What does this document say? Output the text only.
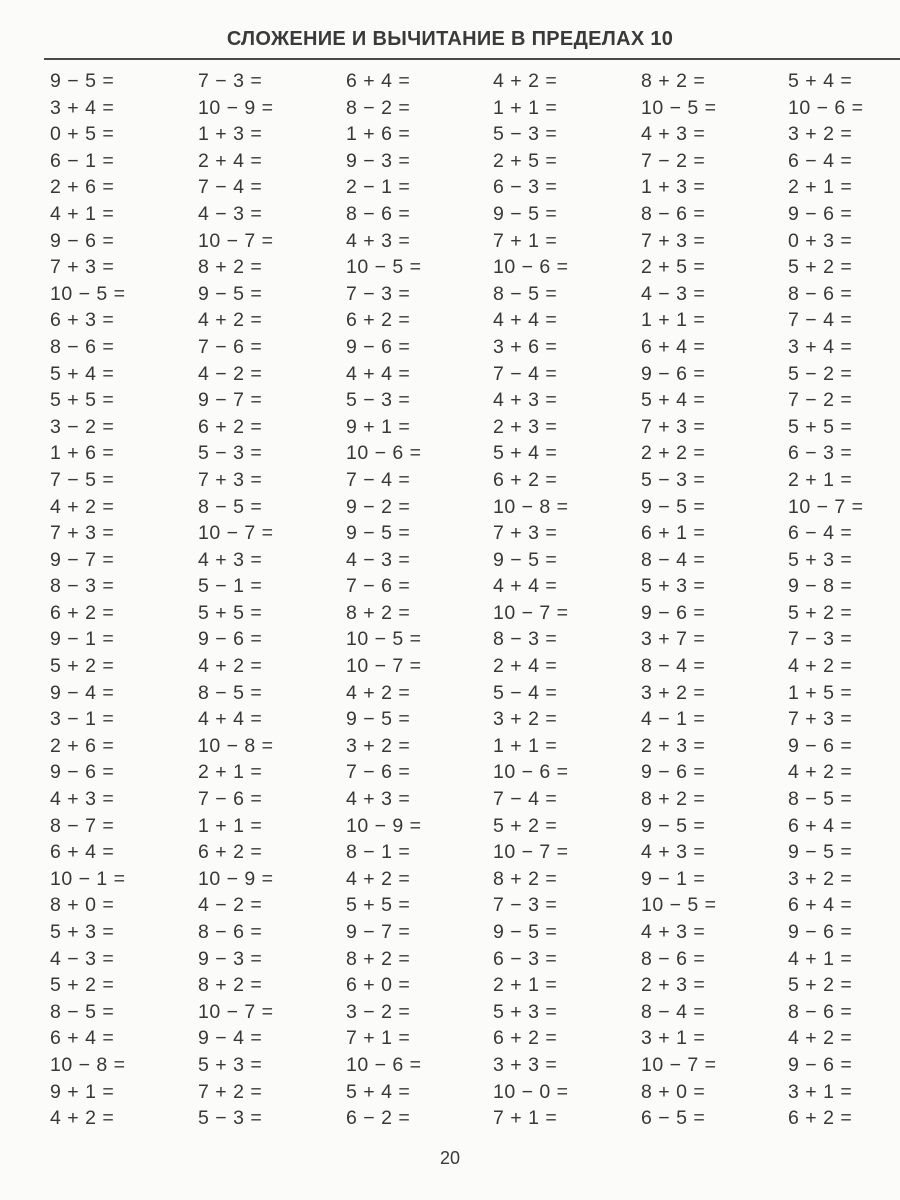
СЛОЖЕНИЕ И ВЫЧИТАНИЕ В ПРЕДЕЛАХ 10
9 − 5 =	7 − 3 =	6 + 4 =	4 + 2 =	8 + 2 =	5 + 4 =
3 + 4 =	10 − 9 =	8 − 2 =	1 + 1 =	10 − 5 =	10 − 6 =
0 + 5 =	1 + 3 =	1 + 6 =	5 − 3 =	4 + 3 =	3 + 2 =
6 − 1 =	2 + 4 =	9 − 3 =	2 + 5 =	7 − 2 =	6 − 4 =
2 + 6 =	7 − 4 =	2 − 1 =	6 − 3 =	1 + 3 =	2 + 1 =
4 + 1 =	4 − 3 =	8 − 6 =	9 − 5 =	8 − 6 =	9 − 6 =
9 − 6 =	10 − 7 =	4 + 3 =	7 + 1 =	7 + 3 =	0 + 3 =
7 + 3 =	8 + 2 =	10 − 5 =	10 − 6 =	2 + 5 =	5 + 2 =
10 − 5 =	9 − 5 =	7 − 3 =	8 − 5 =	4 − 3 =	8 − 6 =
6 + 3 =	4 + 2 =	6 + 2 =	4 + 4 =	1 + 1 =	7 − 4 =
8 − 6 =	7 − 6 =	9 − 6 =	3 + 6 =	6 + 4 =	3 + 4 =
5 + 4 =	4 − 2 =	4 + 4 =	7 − 4 =	9 − 6 =	5 − 2 =
5 + 5 =	9 − 7 =	5 − 3 =	4 + 3 =	5 + 4 =	7 − 2 =
3 − 2 =	6 + 2 =	9 + 1 =	2 + 3 =	7 + 3 =	5 + 5 =
1 + 6 =	5 − 3 =	10 − 6 =	5 + 4 =	2 + 2 =	6 − 3 =
7 − 5 =	7 + 3 =	7 − 4 =	6 + 2 =	5 − 3 =	2 + 1 =
4 + 2 =	8 − 5 =	9 − 2 =	10 − 8 =	9 − 5 =	10 − 7 =
7 + 3 =	10 − 7 =	9 − 5 =	7 + 3 =	6 + 1 =	6 − 4 =
9 − 7 =	4 + 3 =	4 − 3 =	9 − 5 =	8 − 4 =	5 + 3 =
8 − 3 =	5 − 1 =	7 − 6 =	4 + 4 =	5 + 3 =	9 − 8 =
6 + 2 =	5 + 5 =	8 + 2 =	10 − 7 =	9 − 6 =	5 + 2 =
9 − 1 =	9 − 6 =	10 − 5 =	8 − 3 =	3 + 7 =	7 − 3 =
5 + 2 =	4 + 2 =	10 − 7 =	2 + 4 =	8 − 4 =	4 + 2 =
9 − 4 =	8 − 5 =	4 + 2 =	5 − 4 =	3 + 2 =	1 + 5 =
3 − 1 =	4 + 4 =	9 − 5 =	3 + 2 =	4 − 1 =	7 + 3 =
2 + 6 =	10 − 8 =	3 + 2 =	1 + 1 =	2 + 3 =	9 − 6 =
9 − 6 =	2 + 1 =	7 − 6 =	10 − 6 =	9 − 6 =	4 + 2 =
4 + 3 =	7 − 6 =	4 + 3 =	7 − 4 =	8 + 2 =	8 − 5 =
8 − 7 =	1 + 1 =	10 − 9 =	5 + 2 =	9 − 5 =	6 + 4 =
6 + 4 =	6 + 2 =	8 − 1 =	10 − 7 =	4 + 3 =	9 − 5 =
10 − 1 =	10 − 9 =	4 + 2 =	8 + 2 =	9 − 1 =	3 + 2 =
8 + 0 =	4 − 2 =	5 + 5 =	7 − 3 =	10 − 5 =	6 + 4 =
5 + 3 =	8 − 6 =	9 − 7 =	9 − 5 =	4 + 3 =	9 − 6 =
4 − 3 =	9 − 3 =	8 + 2 =	6 − 3 =	8 − 6 =	4 + 1 =
5 + 2 =	8 + 2 =	6 + 0 =	2 + 1 =	2 + 3 =	5 + 2 =
8 − 5 =	10 − 7 =	3 − 2 =	5 + 3 =	8 − 4 =	8 − 6 =
6 + 4 =	9 − 4 =	7 + 1 =	6 + 2 =	3 + 1 =	4 + 2 =
10 − 8 =	5 + 3 =	10 − 6 =	3 + 3 =	10 − 7 =	9 − 6 =
9 + 1 =	7 + 2 =	5 + 4 =	10 − 0 =	8 + 0 =	3 + 1 =
4 + 2 =	5 − 3 =	6 − 2 =	7 + 1 =	6 − 5 =	6 + 2 =
20
